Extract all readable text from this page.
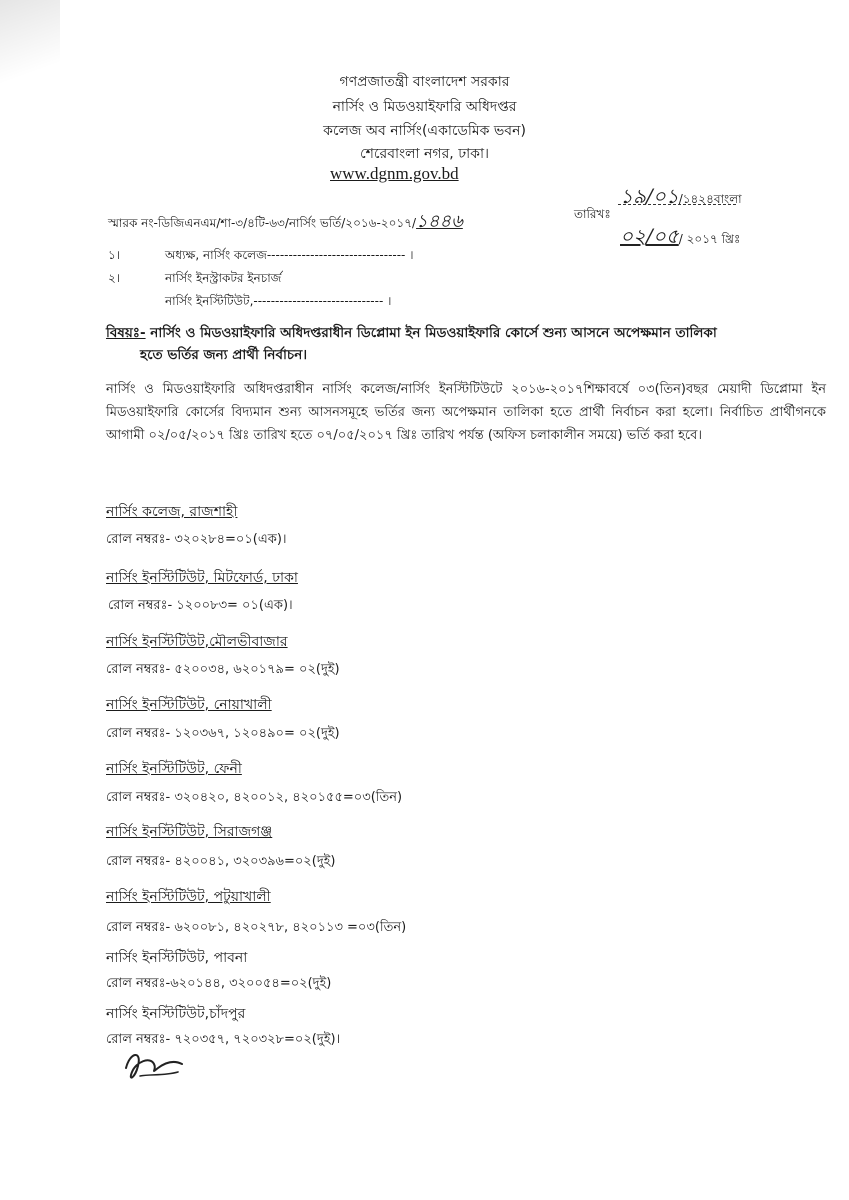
গণপ্রজাতন্ত্রী বাংলাদেশ সরকার
নার্সিং ও মিডওয়াইফারি অধিদপ্তর
কলেজ অব নার্সিং(একাডেমিক ভবন)
শেরেবাংলা নগর, ঢাকা।
www.dgnm.gov.bd
স্মারক নং-ডিজিএনএম/শা-৩/৪টি-৬৩/নার্সিং ভর্তি/২০১৬-২০১৭/১৪৪৬
১৯/০১/১৪২৪বাংলা
তারিখঃ
০২/০৫/ ২০১৭ খ্রিঃ
১।	অধ্যক্ষ, নার্সিং কলেজ-------------------------------- ।
২।	নার্সিং ইনস্ট্রাকটর ইনচার্জ
নার্সিং ইনস্টিটিউট,------------------------------ ।
বিষয়ঃ- নার্সিং ও মিডওয়াইফারি অধিদপ্তরাধীন ডিপ্লোমা ইন মিডওয়াইফারি কোর্সে শুন্য আসনে অপেক্ষমান তালিকা
হতে ভর্তির জন্য প্রার্থী নির্বাচন।
নার্সিং ও মিডওয়াইফারি অধিদপ্তরাধীন নার্সিং কলেজ/নার্সিং ইনস্টিটিউটে ২০১৬-২০১৭শিক্ষাবর্ষে ০৩(তিন)বছর মেয়াদী ডিপ্লোমা ইন মিডওয়াইফারি কোর্সের বিদ্যমান শুন্য আসনসমূহে ভর্তির জন্য অপেক্ষমান তালিকা হতে প্রার্থী নির্বাচন করা হলো। নির্বাচিত প্রার্থীগনকে আগামী ০২/০৫/২০১৭ খ্রিঃ তারিখ হতে ০৭/০৫/২০১৭ খ্রিঃ তারিখ পর্যন্ত (অফিস চলাকালীন সময়ে) ভর্তি করা হবে।
নার্সিং কলেজ, রাজশাহী
রোল নম্বরঃ- ৩২০২৮৪=০১(এক)।
নার্সিং ইনস্টিটিউট, মিটফোর্ড, ঢাকা
রোল নম্বরঃ- ১২০০৮৩= ০১(এক)।
নার্সিং ইনস্টিটিউট,মৌলভীবাজার
রোল নম্বরঃ- ৫২০০৩৪, ৬২০১৭৯= ০২(দুই)
নার্সিং ইনস্টিটিউট, নোয়াখালী
রোল নম্বরঃ- ১২০৩৬৭, ১২০৪৯০= ০২(দুই)
নার্সিং ইনস্টিটিউট, ফেনী
রোল নম্বরঃ- ৩২০৪২০, ৪২০০১২, ৪২০১৫৫=০৩(তিন)
নার্সিং ইনস্টিটিউট, সিরাজগঞ্জ
রোল নম্বরঃ- ৪২০০৪১, ৩২০৩৯৬=০২(দুই)
নার্সিং ইনস্টিটিউট, পটুয়াখালী
রোল নম্বরঃ- ৬২০০৮১, ৪২০২৭৮, ৪২০১১৩ =০৩(তিন)
নার্সিং ইনস্টিটিউট, পাবনা
রোল নম্বরঃ-৬২০১৪৪, ৩২০০৫৪=০২(দুই)
নার্সিং ইনস্টিটিউট,চাঁদপুর
রোল নম্বরঃ- ৭২০৩৫৭, ৭২০৩২৮=০২(দুই)।
